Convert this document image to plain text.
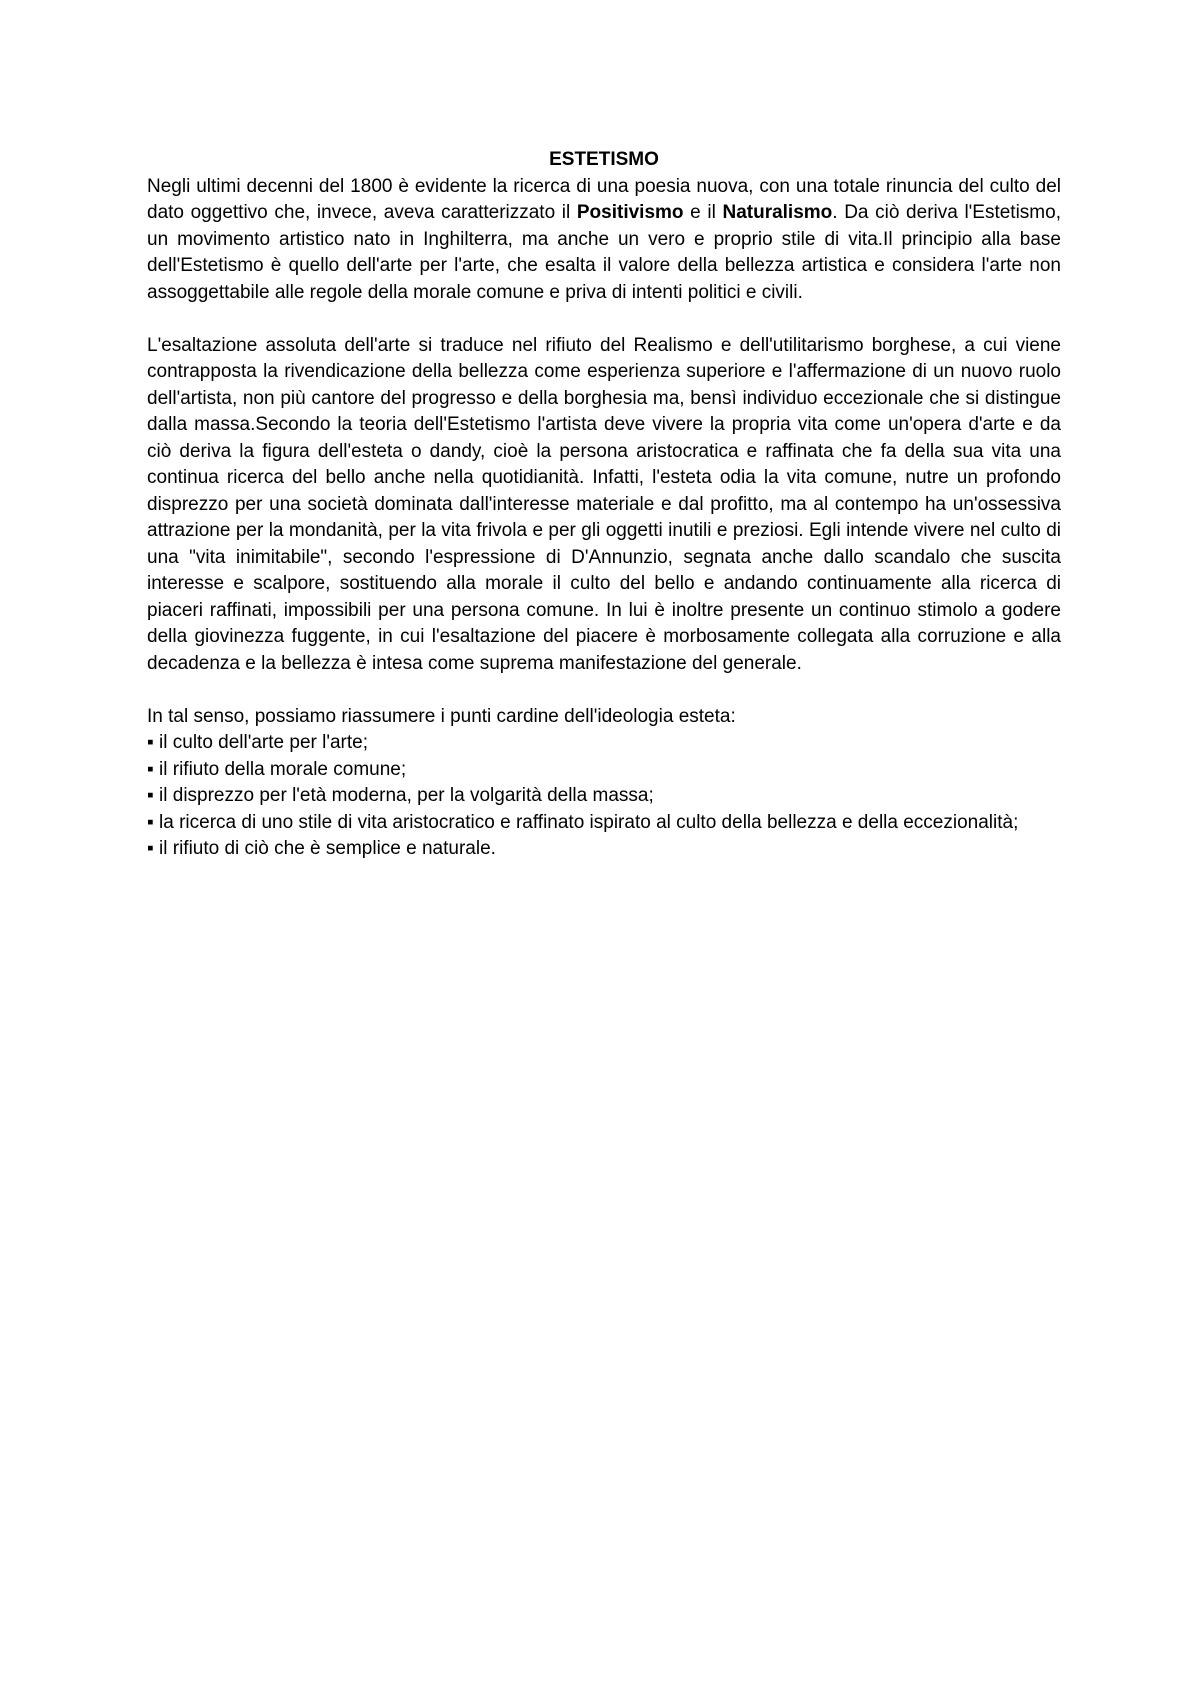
ESTETISMO

Negli ultimi decenni del 1800 è evidente la ricerca di una poesia nuova, con una totale rinuncia del culto del dato oggettivo che, invece, aveva caratterizzato il Positivismo e il Naturalismo. Da ciò deriva l'Estetismo, un movimento artistico nato in Inghilterra, ma anche un vero e proprio stile di vita.Il principio alla base dell'Estetismo è quello dell'arte per l'arte, che esalta il valore della bellezza artistica e considera l'arte non assoggettabile alle regole della morale comune e priva di intenti politici e civili.

L'esaltazione assoluta dell'arte si traduce nel rifiuto del Realismo e dell'utilitarismo borghese, a cui viene contrapposta la rivendicazione della bellezza come esperienza superiore e l'affermazione di un nuovo ruolo dell'artista, non più cantore del progresso e della borghesia ma, bensì individuo eccezionale che si distingue dalla massa.Secondo la teoria dell'Estetismo l'artista deve vivere la propria vita come un'opera d'arte e da ciò deriva la figura dell'esteta o dandy, cioè la persona aristocratica e raffinata che fa della sua vita una continua ricerca del bello anche nella quotidianità. Infatti, l'esteta odia la vita comune, nutre un profondo disprezzo per una società dominata dall'interesse materiale e dal profitto, ma al contempo ha un'ossessiva attrazione per la mondanità, per la vita frivola e per gli oggetti inutili e preziosi. Egli intende vivere nel culto di una "vita inimitabile", secondo l'espressione di D'Annunzio, segnata anche dallo scandalo che suscita interesse e scalpore, sostituendo alla morale il culto del bello e andando continuamente alla ricerca di piaceri raffinati, impossibili per una persona comune. In lui è inoltre presente un continuo stimolo a godere della giovinezza fuggente, in cui l'esaltazione del piacere è morbosamente collegata alla corruzione e alla decadenza e la bellezza è intesa come suprema manifestazione del generale.

In tal senso, possiamo riassumere i punti cardine dell'ideologia esteta:

▪ il culto dell'arte per l'arte;
▪ il rifiuto della morale comune;
▪ il disprezzo per l'età moderna, per la volgarità della massa;
▪ la ricerca di uno stile di vita aristocratico e raffinato ispirato al culto della bellezza e della eccezionalità;
▪ il rifiuto di ciò che è semplice e naturale.
